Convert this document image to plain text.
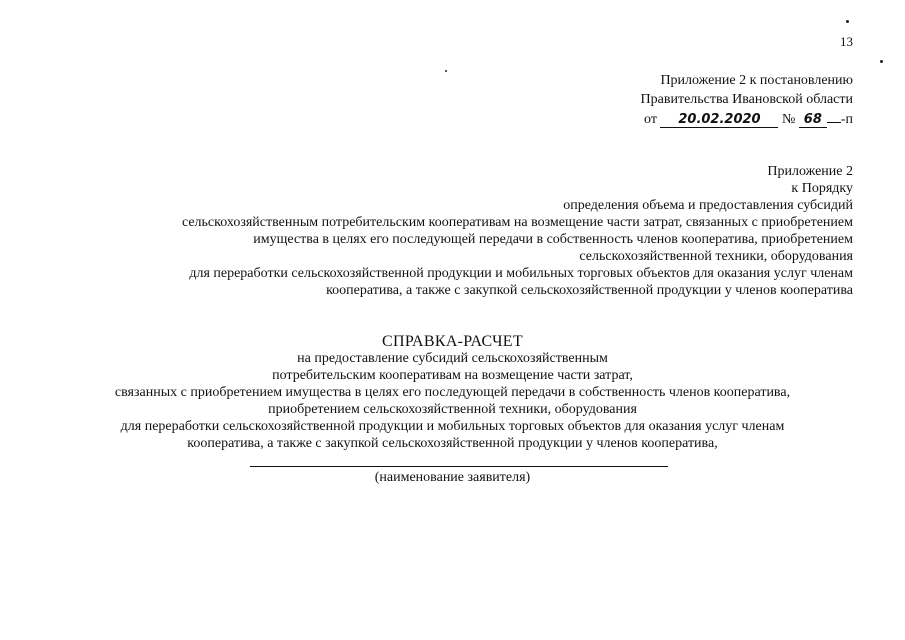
13
Приложение 2 к постановлению
Правительства Ивановской области
от 20.02.2020 № 68 -п
Приложение 2
к Порядку
определения объема и предоставления субсидий
сельскохозяйственным потребительским кооперативам на возмещение части затрат, связанных с приобретением
имущества в целях его последующей передачи в собственность членов кооператива, приобретением
сельскохозяйственной техники, оборудования
для переработки сельскохозяйственной продукции и мобильных торговых объектов для оказания услуг членам
кооператива, а также с закупкой сельскохозяйственной продукции у членов кооператива
СПРАВКА-РАСЧЕТ
на предоставление субсидий сельскохозяйственным
потребительским кооперативам на возмещение части затрат,
связанных с приобретением имущества в целях его последующей передачи в собственность членов кооператива,
приобретением сельскохозяйственной техники, оборудования
для переработки сельскохозяйственной продукции и мобильных торговых объектов для оказания услуг членам
кооператива, а также с закупкой сельскохозяйственной продукции у членов кооператива,
(наименование заявителя)
